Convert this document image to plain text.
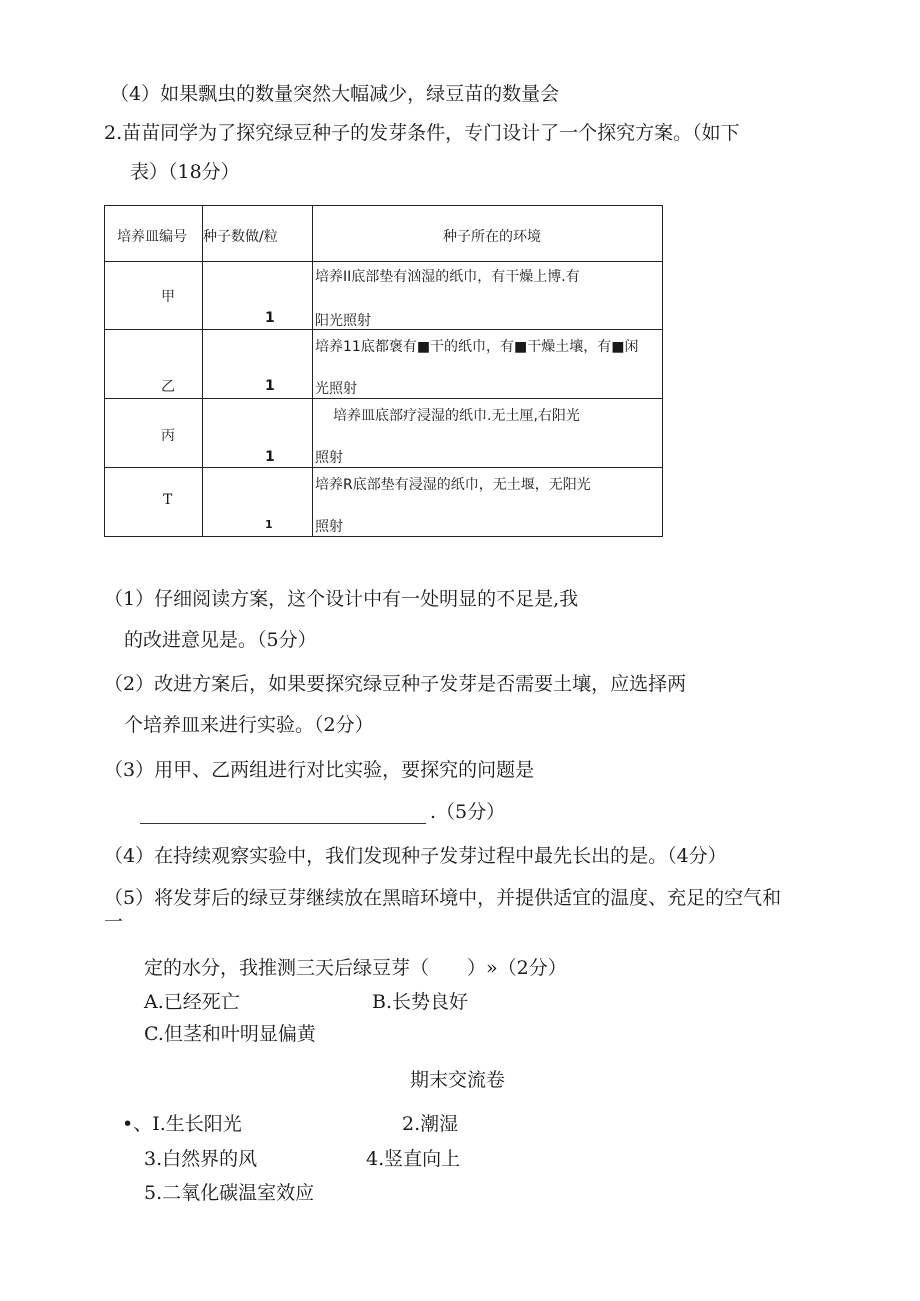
（4）如果飘虫的数量突然大幅减少，绿豆苗的数量会
2.苗苗同学为了探究绿豆种子的发芽条件，专门设计了一个探究方案。（如下
表）（18分）
培养皿编号	种子数做/粒	种子所在的环境

甲	1	培养II底部垫有汹湿的纸巾，有干燥上博.有
阳光照射

乙	1	培养11底都褒有■干的纸巾，有■干燥土壤，有■闲
光照射

丙	1	培养皿底部疗浸湿的纸巾.无土厘,右阳光
照射

T	1	培养R底部垫有浸湿的纸巾，无土堰，无阳光
照射
（1）仔细阅读方案，这个设计中有一处明显的不足是,我
的改进意见是。（5分）
（2）改进方案后，如果要探究绿豆种子发芽是否需要土壤，应选择两
个培养皿来进行实验。（2分）
（3）用甲、乙两组进行对比实验，要探究的问题是
.（5分）
（4）在持续观察实验中，我们发现种子发芽过程中最先长出的是。（4分）
（5）将发芽后的绿豆芽继续放在黑暗环境中，并提供适宜的温度、充足的空气和
一
定的水分，我推测三天后绿豆芽（　　）»（2分）
A.已经死亡	B.长势良好
C.但茎和叶明显偏黄
期末交流卷
•、I.生长阳光	2.潮湿
3.白然界的风	4.竖直向上
5.二氧化碳温室效应
